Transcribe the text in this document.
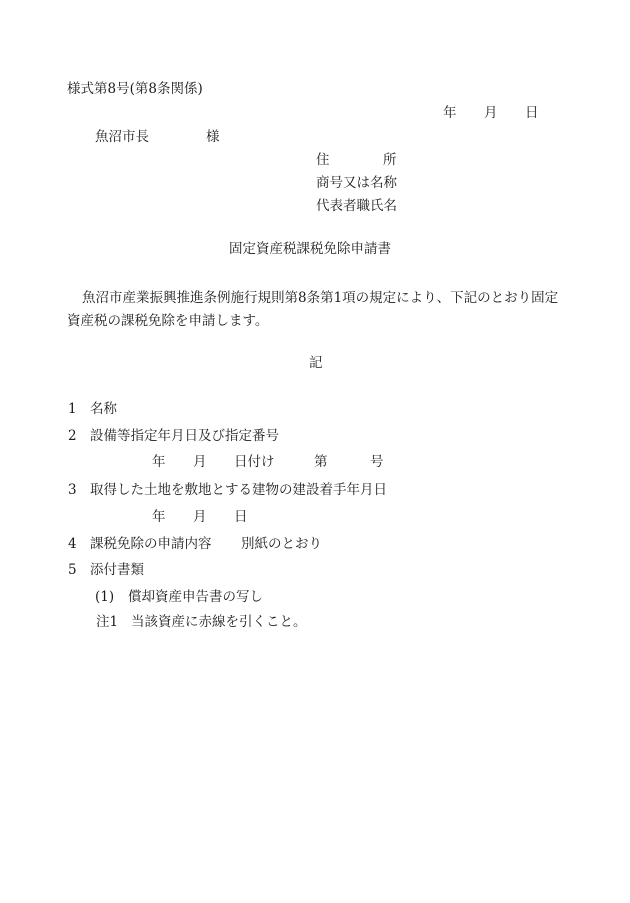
様式第8号(第8条関係)
年 月 日
魚沼市長	様
住	所
商号又は名称
代表者職氏名
固定資産税課税免除申請書
魚沼市産業振興推進条例施行規則第8条第1項の規定により、下記のとおり固定
資産税の課税免除を申請します。
記
1 名称
2 設備等指定年月日及び指定番号
年 月 日付け	第	号
3 取得した土地を敷地とする建物の建設着手年月日
年 月 日
4 課税免除の申請内容 別紙のとおり
5 添付書類
(1) 償却資産申告書の写し
注1 当該資産に赤線を引くこと。
